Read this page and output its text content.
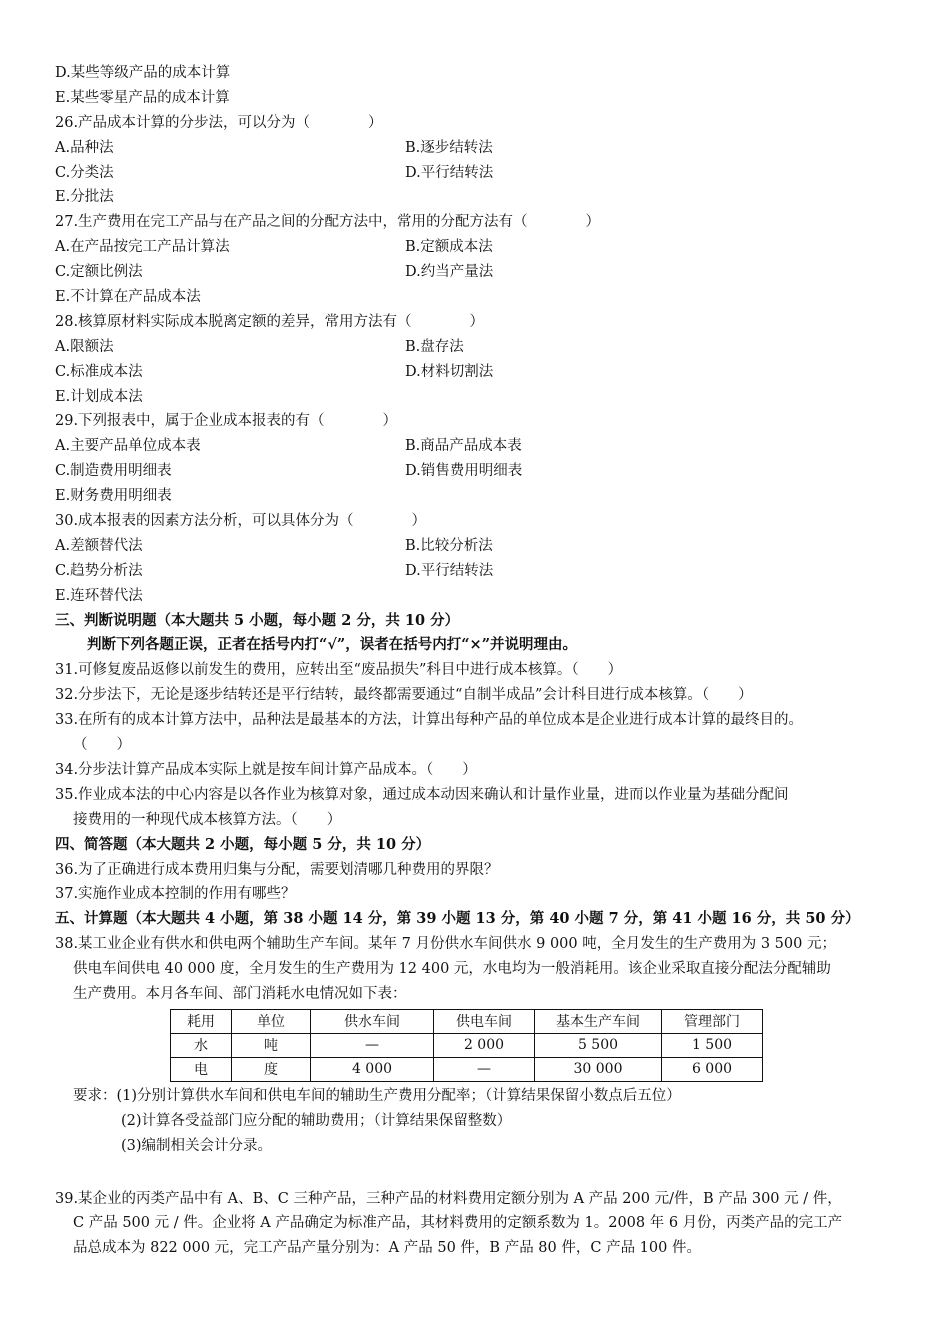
D.某些等级产品的成本计算
E.某些零星产品的成本计算
26.产品成本计算的分步法，可以分为（　　　　）
A.品种法	B.逐步结转法
C.分类法	D.平行结转法
E.分批法
27.生产费用在完工产品与在产品之间的分配方法中，常用的分配方法有（　　　　）
A.在产品按完工产品计算法	B.定额成本法
C.定额比例法	D.约当产量法
E.不计算在产品成本法
28.核算原材料实际成本脱离定额的差异，常用方法有（　　　　）
A.限额法	B.盘存法
C.标准成本法	D.材料切割法
E.计划成本法
29.下列报表中，属于企业成本报表的有（　　　　）
A.主要产品单位成本表	B.商品产品成本表
C.制造费用明细表	D.销售费用明细表
E.财务费用明细表
30.成本报表的因素方法分析，可以具体分为（　　　　）
A.差额替代法	B.比较分析法
C.趋势分析法	D.平行结转法
E.连环替代法
三、判断说明题（本大题共 5 小题，每小题 2 分，共 10 分）
判断下列各题正误，正者在括号内打“√”，误者在括号内打“×”并说明理由。
31.可修复废品返修以前发生的费用，应转出至“废品损失”科目中进行成本核算。（　　）
32.分步法下，无论是逐步结转还是平行结转，最终都需要通过“自制半成品”会计科目进行成本核算。（　　）
33.在所有的成本计算方法中，品种法是最基本的方法，计算出每种产品的单位成本是企业进行成本计算的最终目的。
（　　）
34.分步法计算产品成本实际上就是按车间计算产品成本。（　　）
35.作业成本法的中心内容是以各作业为核算对象，通过成本动因来确认和计量作业量，进而以作业量为基础分配间
接费用的一种现代成本核算方法。（　　）
四、简答题（本大题共 2 小题，每小题 5 分，共 10 分）
36.为了正确进行成本费用归集与分配，需要划清哪几种费用的界限？
37.实施作业成本控制的作用有哪些？
五、计算题（本大题共 4 小题，第 38 小题 14 分，第 39 小题 13 分，第 40 小题 7 分，第 41 小题 16 分，共 50 分）
38.某工业企业有供水和供电两个辅助生产车间。某年 7 月份供水车间供水 9 000 吨，全月发生的生产费用为 3 500 元；
供电车间供电 40 000 度，全月发生的生产费用为 12 400 元，水电均为一般消耗用。该企业采取直接分配法分配辅助
生产费用。本月各车间、部门消耗水电情况如下表：
耗用	单位	供水车间	供电车间	基本生产车间	管理部门
水	吨	—	2 000	5 500	1 500
电	度	4 000	—	30 000	6 000
要求：(1)分别计算供水车间和供电车间的辅助生产费用分配率；（计算结果保留小数点后五位）
(2)计算各受益部门应分配的辅助费用；（计算结果保留整数）
(3)编制相关会计分录。
39.某企业的丙类产品中有 A、B、C 三种产品，三种产品的材料费用定额分别为 A 产品 200 元/件，B 产品 300 元 / 件，
C 产品 500 元 / 件。企业将 A 产品确定为标准产品，其材料费用的定额系数为 1。2008 年 6 月份，丙类产品的完工产
品总成本为 822 000 元，完工产品产量分别为：A 产品 50 件，B 产品 80 件，C 产品 100 件。
